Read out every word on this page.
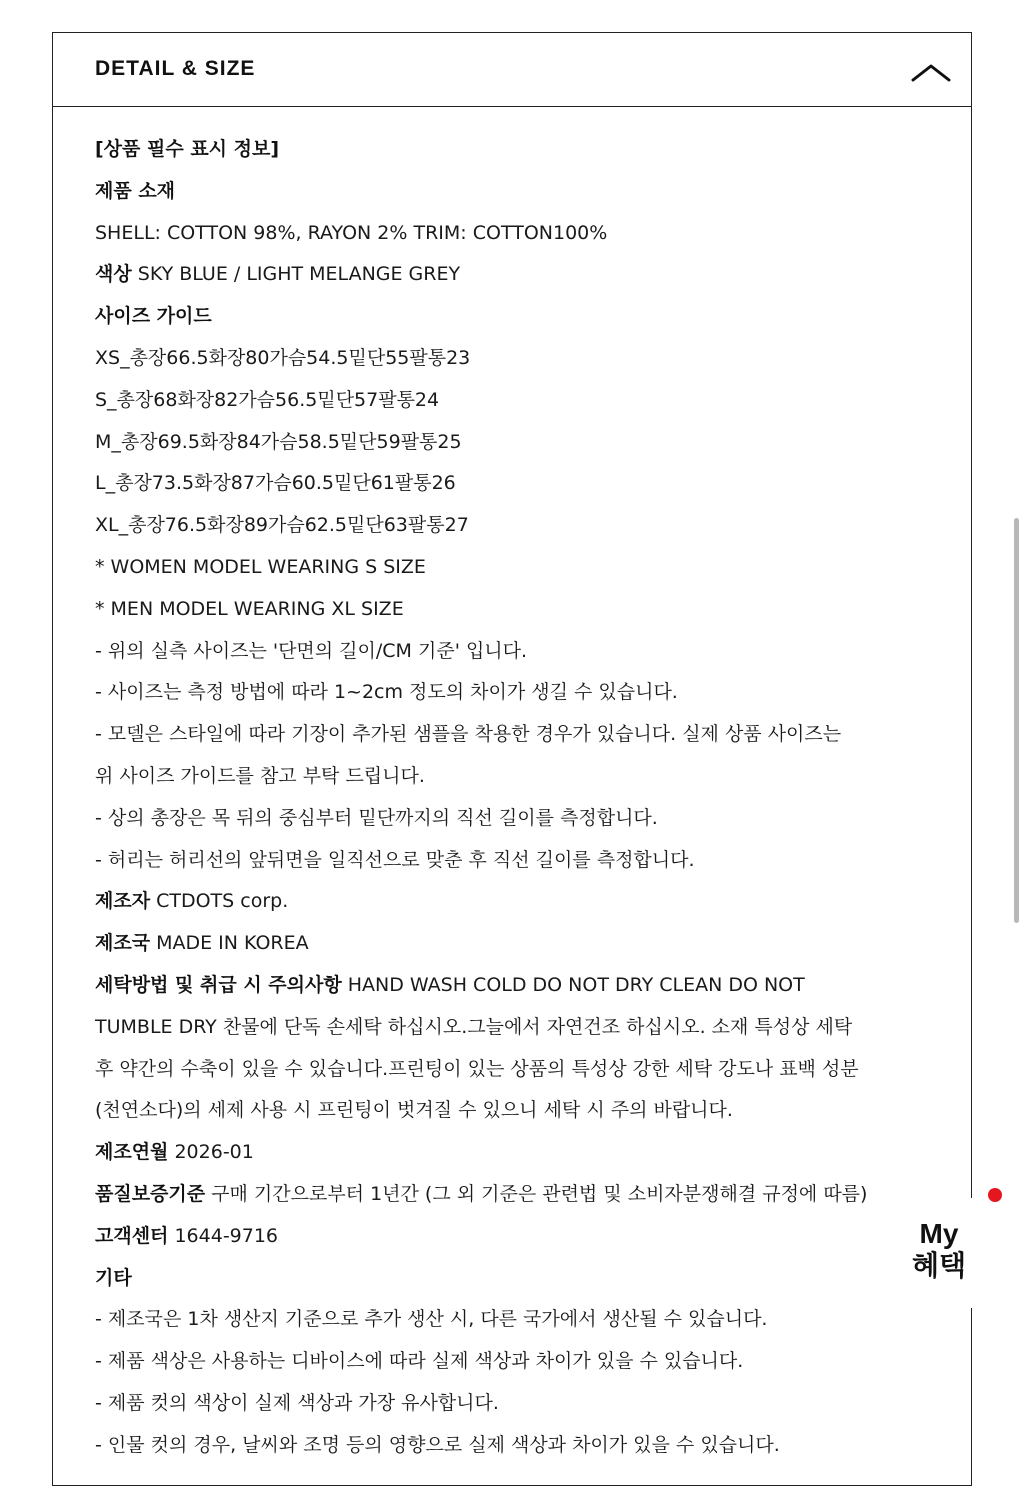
DETAIL & SIZE
[상품 필수 표시 정보]
제품 소재
SHELL: COTTON 98%, RAYON 2% TRIM: COTTON100%
색상 SKY BLUE / LIGHT MELANGE GREY
사이즈 가이드
XS_총장66.5화장80가슴54.5밑단55팔통23
S_총장68화장82가슴56.5밑단57팔통24
M_총장69.5화장84가슴58.5밑단59팔통25
L_총장73.5화장87가슴60.5밑단61팔통26
XL_총장76.5화장89가슴62.5밑단63팔통27
* WOMEN MODEL WEARING S SIZE
* MEN MODEL WEARING XL SIZE
- 위의 실측 사이즈는 '단면의 길이/CM 기준' 입니다.
- 사이즈는 측정 방법에 따라 1~2cm 정도의 차이가 생길 수 있습니다.
- 모델은 스타일에 따라 기장이 추가된 샘플을 착용한 경우가 있습니다. 실제 상품 사이즈는
위 사이즈 가이드를 참고 부탁 드립니다.
- 상의 총장은 목 뒤의 중심부터 밑단까지의 직선 길이를 측정합니다.
- 허리는 허리선의 앞뒤면을 일직선으로 맞춘 후 직선 길이를 측정합니다.
제조자 CTDOTS corp.
제조국 MADE IN KOREA
세탁방법 및 취급 시 주의사항 HAND WASH COLD DO NOT DRY CLEAN DO NOT
TUMBLE DRY 찬물에 단독 손세탁 하십시오.그늘에서 자연건조 하십시오. 소재 특성상 세탁
후 약간의 수축이 있을 수 있습니다.프린팅이 있는 상품의 특성상 강한 세탁 강도나 표백 성분
(천연소다)의 세제 사용 시 프린팅이 벗겨질 수 있으니 세탁 시 주의 바랍니다.
제조연월 2026-01
품질보증기준 구매 기간으로부터 1년간 (그 외 기준은 관련법 및 소비자분쟁해결 규정에 따름)
고객센터 1644-9716
기타
- 제조국은 1차 생산지 기준으로 추가 생산 시, 다른 국가에서 생산될 수 있습니다.
- 제품 색상은 사용하는 디바이스에 따라 실제 색상과 차이가 있을 수 있습니다.
- 제품 컷의 색상이 실제 색상과 가장 유사합니다.
- 인물 컷의 경우, 날씨와 조명 등의 영향으로 실제 색상과 차이가 있을 수 있습니다.
My
혜택
